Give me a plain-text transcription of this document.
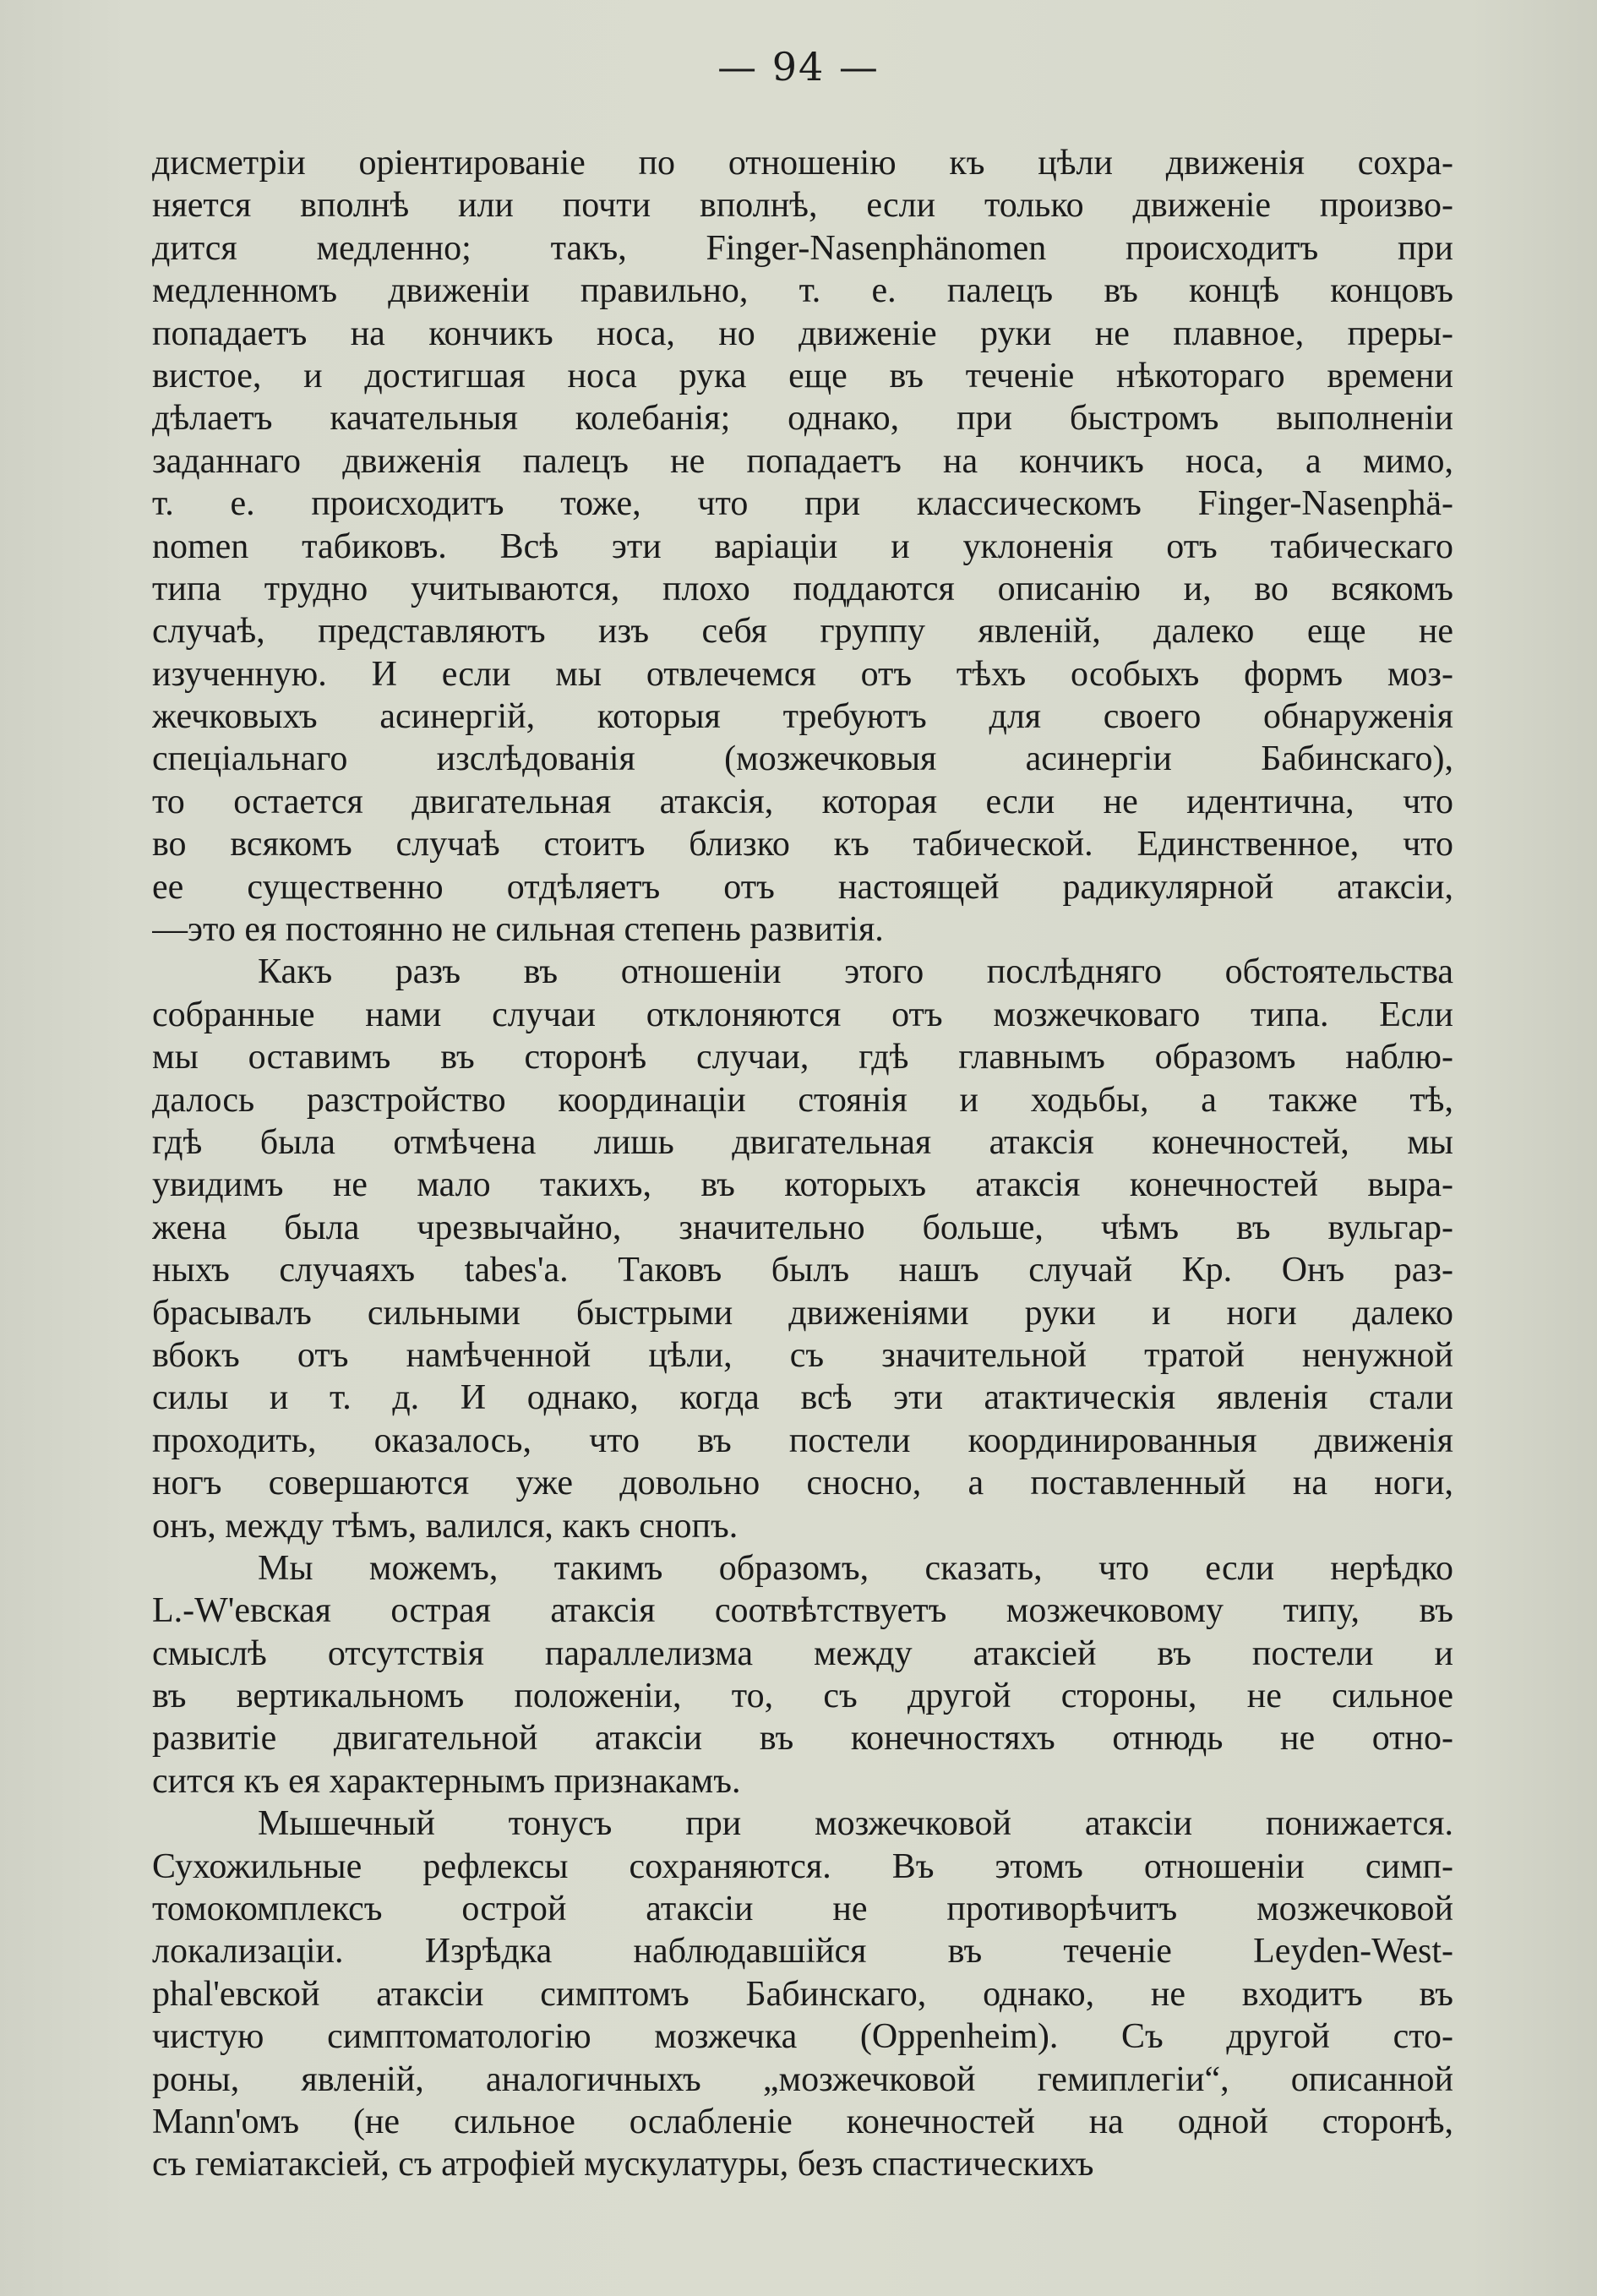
— 94 —
дисметріи оріентированіе по отношенію къ цѣли движенія сохра-
няется вполнѣ или почти вполнѣ, если только движеніе произво-
дится медленно; такъ, Finger-Nasenphänomen происходитъ при
медленномъ движеніи правильно, т. е. палецъ въ концѣ концовъ
попадаетъ на кончикъ носа, но движеніе руки не плавное, преры-
вистое, и достигшая носа рука еще въ теченіе нѣкотораго времени
дѣлаетъ качательныя колебанія; однако, при быстромъ выполненіи
заданнаго движенія палецъ не попадаетъ на кончикъ носа, а мимо,
т. е. происходитъ тоже, что при классическомъ Finger-Nasenphä-
nomen табиковъ. Всѣ эти варіаціи и уклоненія отъ табическаго
типа трудно учитываются, плохо поддаются описанію и, во всякомъ
случаѣ, представляютъ изъ себя группу явленій, далеко еще не
изученную. И если мы отвлечемся отъ тѣхъ особыхъ формъ моз-
жечковыхъ асинергій, которыя требуютъ для своего обнаруженія
спеціальнаго изслѣдованія (мозжечковыя асинергіи Бабинскаго),
то остается двигательная атаксія, которая если не идентична, что
во всякомъ случаѣ стоитъ близко къ табической. Единственное, что
ее существенно отдѣляетъ отъ настоящей радикулярной атаксіи,
—это ея постоянно не сильная степень развитія.
Какъ разъ въ отношеніи этого послѣдняго обстоятельства
собранные нами случаи отклоняются отъ мозжечковаго типа. Если
мы оставимъ въ сторонѣ случаи, гдѣ главнымъ образомъ наблю-
далось разстройство координаціи стоянія и ходьбы, а также тѣ,
гдѣ была отмѣчена лишь двигательная атаксія конечностей, мы
увидимъ не мало такихъ, въ которыхъ атаксія конечностей выра-
жена была чрезвычайно, значительно больше, чѣмъ въ вульгар-
ныхъ случаяхъ tabes'а. Таковъ былъ нашъ случай Кр. Онъ раз-
брасывалъ сильными быстрыми движеніями руки и ноги далеко
вбокъ отъ намѣченной цѣли, съ значительной тратой ненужной
силы и т. д. И однако, когда всѣ эти атактическія явленія стали
проходить, оказалось, что въ постели координированныя движенія
ногъ совершаются уже довольно сносно, а поставленный на ноги,
онъ, между тѣмъ, валился, какъ снопъ.
Мы можемъ, такимъ образомъ, сказать, что если нерѣдко
L.-W'евская острая атаксія соотвѣтствуетъ мозжечковому типу, въ
смыслѣ отсутствія параллелизма между атаксіей въ постели и
въ вертикальномъ положеніи, то, съ другой стороны, не сильное
развитіе двигательной атаксіи въ конечностяхъ отнюдь не отно-
сится къ ея характернымъ признакамъ.
Мышечный тонусъ при мозжечковой атаксіи понижается.
Сухожильные рефлексы сохраняются. Въ этомъ отношеніи симп-
томокомплексъ острой атаксіи не противорѣчитъ мозжечковой
локализаціи. Изрѣдка наблюдавшійся въ теченіе Leyden-West-
phal'евской атаксіи симптомъ Бабинскаго, однако, не входитъ въ
чистую симптоматологію мозжечка (Oppenheim). Съ другой сто-
роны, явленій, аналогичныхъ „мозжечковой гемиплегіи“, описанной
Mann'омъ (не сильное ослабленіе конечностей на одной сторонѣ,
съ геміатаксіей, съ атрофіей мускулатуры, безъ спастическихъ
